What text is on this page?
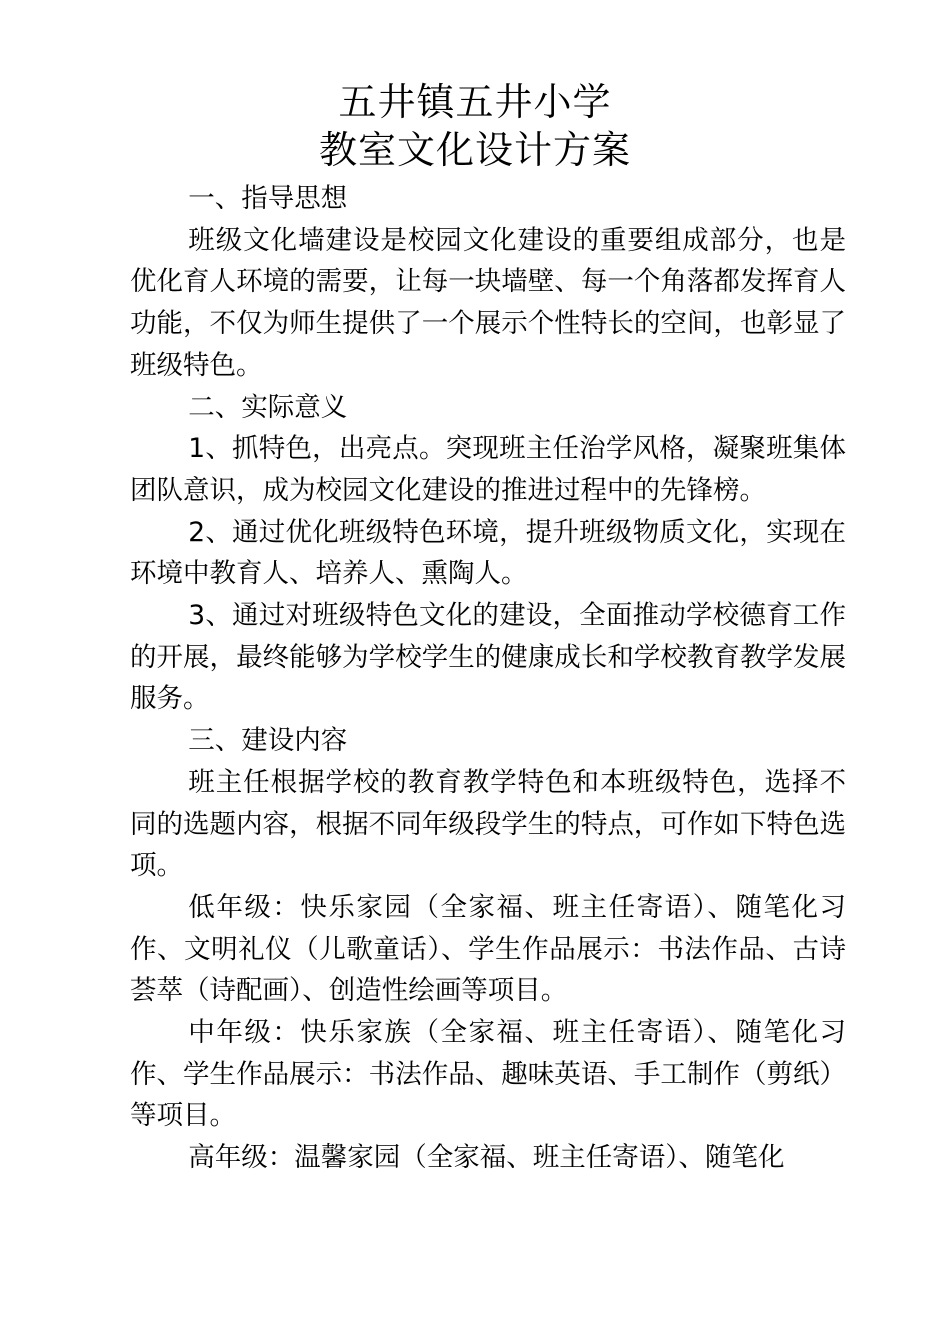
五井镇五井小学
教室文化设计方案

一、指导思想

班级文化墙建设是校园文化建设的重要组成部分，也是优化育人环境的需要，让每一块墙壁、每一个角落都发挥育人功能，不仅为师生提供了一个展示个性特长的空间，也彰显了班级特色。

二、实际意义

1、抓特色，出亮点。突现班主任治学风格，凝聚班集体团队意识，成为校园文化建设的推进过程中的先锋榜。

2、通过优化班级特色环境，提升班级物质文化，实现在环境中教育人、培养人、熏陶人。

3、通过对班级特色文化的建设，全面推动学校德育工作的开展，最终能够为学校学生的健康成长和学校教育教学发展服务。

三、建设内容

班主任根据学校的教育教学特色和本班级特色，选择不同的选题内容，根据不同年级段学生的特点，可作如下特色选项。

低年级：快乐家园（全家福、班主任寄语）、随笔化习作、文明礼仪（儿歌童话）、学生作品展示：书法作品、古诗荟萃（诗配画）、创造性绘画等项目。

中年级：快乐家族（全家福、班主任寄语）、随笔化习作、学生作品展示：书法作品、趣味英语、手工制作（剪纸）等项目。

高年级：温馨家园（全家福、班主任寄语）、随笔化
